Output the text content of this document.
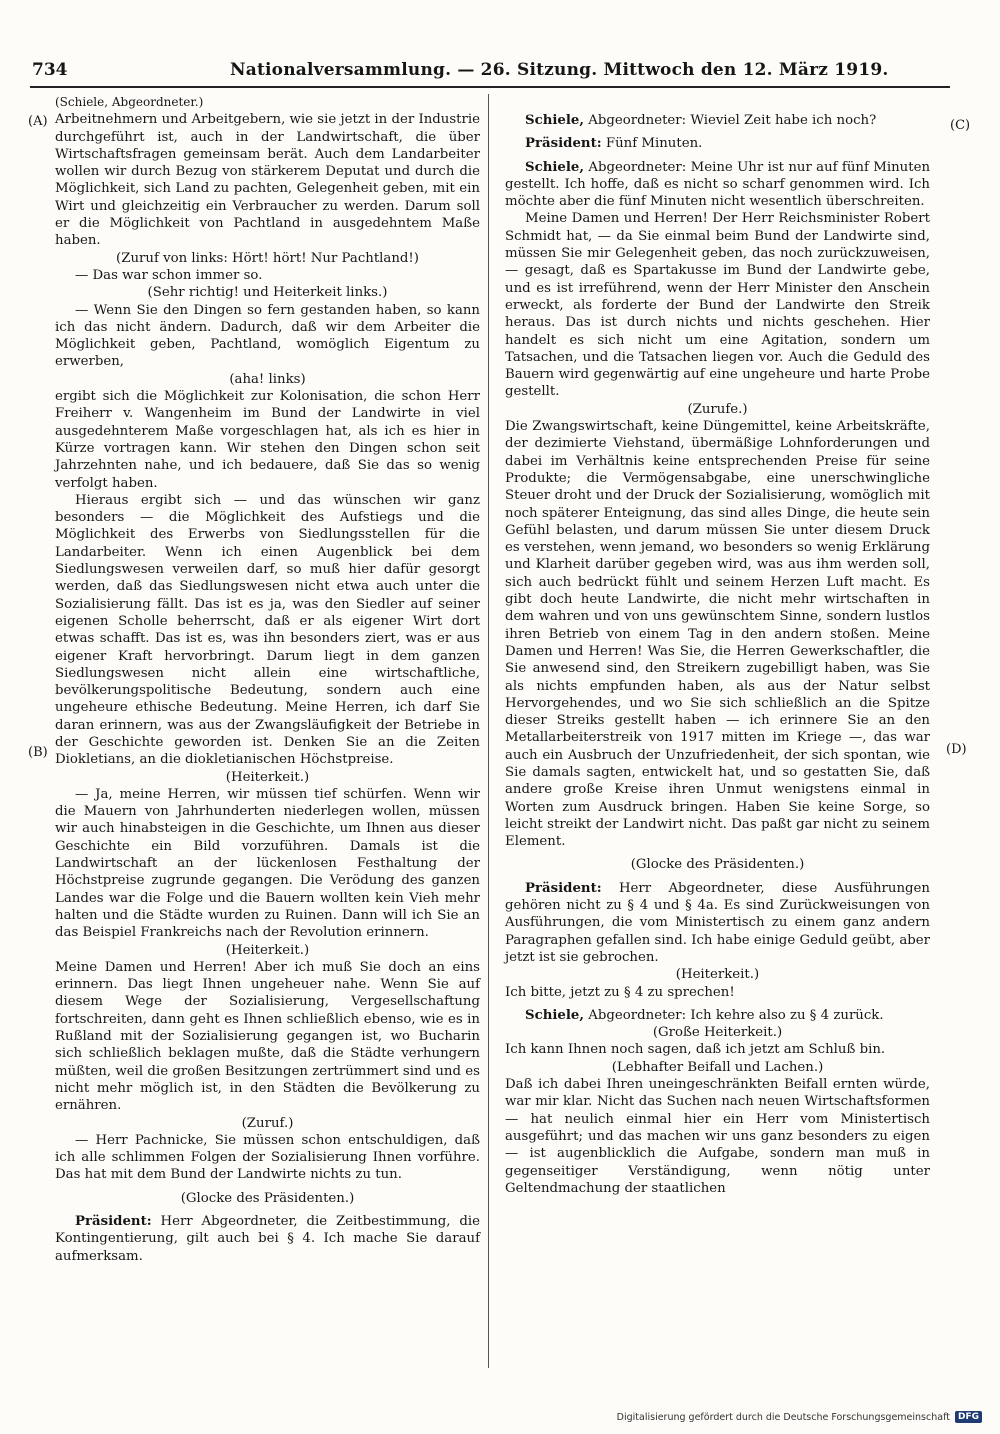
734	Nationalversammlung. — 26. Sitzung. Mittwoch den 12. März 1919.
(A)
(B)
(C)
(D)

(Schiele, Abgeordneter.)

Arbeitnehmern und Arbeitgebern, wie sie jetzt in der Industrie durchgeführt ist, auch in der Landwirtschaft, die über Wirtschaftsfragen gemeinsam berät. Auch dem Landarbeiter wollen wir durch Bezug von stärkerem Deputat und durch die Möglichkeit, sich Land zu pachten, Gelegenheit geben, mit ein Wirt und gleichzeitig ein Verbraucher zu werden. Darum soll er die Möglichkeit von Pachtland in ausgedehntem Maße haben.

(Zuruf von links: Hört! hört! Nur Pachtland!)

— Das war schon immer so.

(Sehr richtig! und Heiterkeit links.)

— Wenn Sie den Dingen so fern gestanden haben, so kann ich das nicht ändern. Dadurch, daß wir dem Arbeiter die Möglichkeit geben, Pachtland, womöglich Eigentum zu erwerben,

(aha! links)

ergibt sich die Möglichkeit zur Kolonisation, die schon Herr Freiherr v. Wangenheim im Bund der Landwirte in viel ausgedehnterem Maße vorgeschlagen hat, als ich es hier in Kürze vortragen kann. Wir stehen den Dingen schon seit Jahrzehnten nahe, und ich bedauere, daß Sie das so wenig verfolgt haben.

Hieraus ergibt sich — und das wünschen wir ganz besonders — die Möglichkeit des Aufstiegs und die Möglichkeit des Erwerbs von Siedlungsstellen für die Landarbeiter. Wenn ich einen Augenblick bei dem Siedlungswesen verweilen darf, so muß hier dafür gesorgt werden, daß das Siedlungswesen nicht etwa auch unter die Sozialisierung fällt. Das ist es ja, was den Siedler auf seiner eigenen Scholle beherrscht, daß er als eigener Wirt dort etwas schafft. Das ist es, was ihn besonders ziert, was er aus eigener Kraft hervorbringt. Darum liegt in dem ganzen Siedlungswesen nicht allein eine wirtschaftliche, bevölkerungspolitische Bedeutung, sondern auch eine ungeheure ethische Bedeutung. Meine Herren, ich darf Sie daran erinnern, was aus der Zwangsläufigkeit der Betriebe in der Geschichte geworden ist. Denken Sie an die Zeiten Diokletians, an die diokletianischen Höchstpreise.

(Heiterkeit.)

— Ja, meine Herren, wir müssen tief schürfen. Wenn wir die Mauern von Jahrhunderten niederlegen wollen, müssen wir auch hinabsteigen in die Geschichte, um Ihnen aus dieser Geschichte ein Bild vorzuführen. Damals ist die Landwirtschaft an der lückenlosen Festhaltung der Höchstpreise zugrunde gegangen. Die Verödung des ganzen Landes war die Folge und die Bauern wollten kein Vieh mehr halten und die Städte wurden zu Ruinen. Dann will ich Sie an das Beispiel Frankreichs nach der Revolution erinnern.

(Heiterkeit.)

Meine Damen und Herren! Aber ich muß Sie doch an eins erinnern. Das liegt Ihnen ungeheuer nahe. Wenn Sie auf diesem Wege der Sozialisierung, Vergesellschaftung fortschreiten, dann geht es Ihnen schließlich ebenso, wie es in Rußland mit der Sozialisierung gegangen ist, wo Bucharin sich schließlich beklagen mußte, daß die Städte verhungern müßten, weil die großen Besitzungen zertrümmert sind und es nicht mehr möglich ist, in den Städten die Bevölkerung zu ernähren.

(Zuruf.)

— Herr Pachnicke, Sie müssen schon entschuldigen, daß ich alle schlimmen Folgen der Sozialisierung Ihnen vorführe. Das hat mit dem Bund der Landwirte nichts zu tun.

(Glocke des Präsidenten.)

Präsident: Herr Abgeordneter, die Zeitbestimmung, die Kontingentierung, gilt auch bei § 4. Ich mache Sie darauf aufmerksam.

Schiele, Abgeordneter: Wieviel Zeit habe ich noch?

Präsident: Fünf Minuten.

Schiele, Abgeordneter: Meine Uhr ist nur auf fünf Minuten gestellt. Ich hoffe, daß es nicht so scharf genommen wird. Ich möchte aber die fünf Minuten nicht wesentlich überschreiten.

Meine Damen und Herren! Der Herr Reichsminister Robert Schmidt hat, — da Sie einmal beim Bund der Landwirte sind, müssen Sie mir Gelegenheit geben, das noch zurückzuweisen, — gesagt, daß es Spartakusse im Bund der Landwirte gebe, und es ist irreführend, wenn der Herr Minister den Anschein erweckt, als forderte der Bund der Landwirte den Streik heraus. Das ist durch nichts und nichts geschehen. Hier handelt es sich nicht um eine Agitation, sondern um Tatsachen, und die Tatsachen liegen vor. Auch die Geduld des Bauern wird gegenwärtig auf eine ungeheure und harte Probe gestellt.

(Zurufe.)

Die Zwangswirtschaft, keine Düngemittel, keine Arbeitskräfte, der dezimierte Viehstand, übermäßige Lohnforderungen und dabei im Verhältnis keine entsprechenden Preise für seine Produkte; die Vermögensabgabe, eine unerschwingliche Steuer droht und der Druck der Sozialisierung, womöglich mit noch späterer Enteignung, das sind alles Dinge, die heute sein Gefühl belasten, und darum müssen Sie unter diesem Druck es verstehen, wenn jemand, wo besonders so wenig Erklärung und Klarheit darüber gegeben wird, was aus ihm werden soll, sich auch bedrückt fühlt und seinem Herzen Luft macht. Es gibt doch heute Landwirte, die nicht mehr wirtschaften in dem wahren und von uns gewünschtem Sinne, sondern lustlos ihren Betrieb von einem Tag in den andern stoßen. Meine Damen und Herren! Was Sie, die Herren Gewerkschaftler, die Sie anwesend sind, den Streikern zugebilligt haben, was Sie als nichts empfunden haben, als aus der Natur selbst Hervorgehendes, und wo Sie sich schließlich an die Spitze dieser Streiks gestellt haben — ich erinnere Sie an den Metallarbeiterstreik von 1917 mitten im Kriege —, das war auch ein Ausbruch der Unzufriedenheit, der sich spontan, wie Sie damals sagten, entwickelt hat, und so gestatten Sie, daß andere große Kreise ihren Unmut wenigstens einmal in Worten zum Ausdruck bringen. Haben Sie keine Sorge, so leicht streikt der Landwirt nicht. Das paßt gar nicht zu seinem Element.

(Glocke des Präsidenten.)

Präsident: Herr Abgeordneter, diese Ausführungen gehören nicht zu § 4 und § 4a. Es sind Zurückweisungen von Ausführungen, die vom Ministertisch zu einem ganz andern Paragraphen gefallen sind. Ich habe einige Geduld geübt, aber jetzt ist sie gebrochen.

(Heiterkeit.)

Ich bitte, jetzt zu § 4 zu sprechen!

Schiele, Abgeordneter: Ich kehre also zu § 4 zurück.

(Große Heiterkeit.)

Ich kann Ihnen noch sagen, daß ich jetzt am Schluß bin.

(Lebhafter Beifall und Lachen.)

Daß ich dabei Ihren uneingeschränkten Beifall ernten würde, war mir klar. Nicht das Suchen nach neuen Wirtschaftsformen — hat neulich einmal hier ein Herr vom Ministertisch ausgeführt; und das machen wir uns ganz besonders zu eigen — ist augenblicklich die Aufgabe, sondern man muß in gegenseitiger Verständigung, wenn nötig unter Geltendmachung der staatlichen

Digitalisierung gefördert durch die Deutsche Forschungsgemeinschaft DFG
